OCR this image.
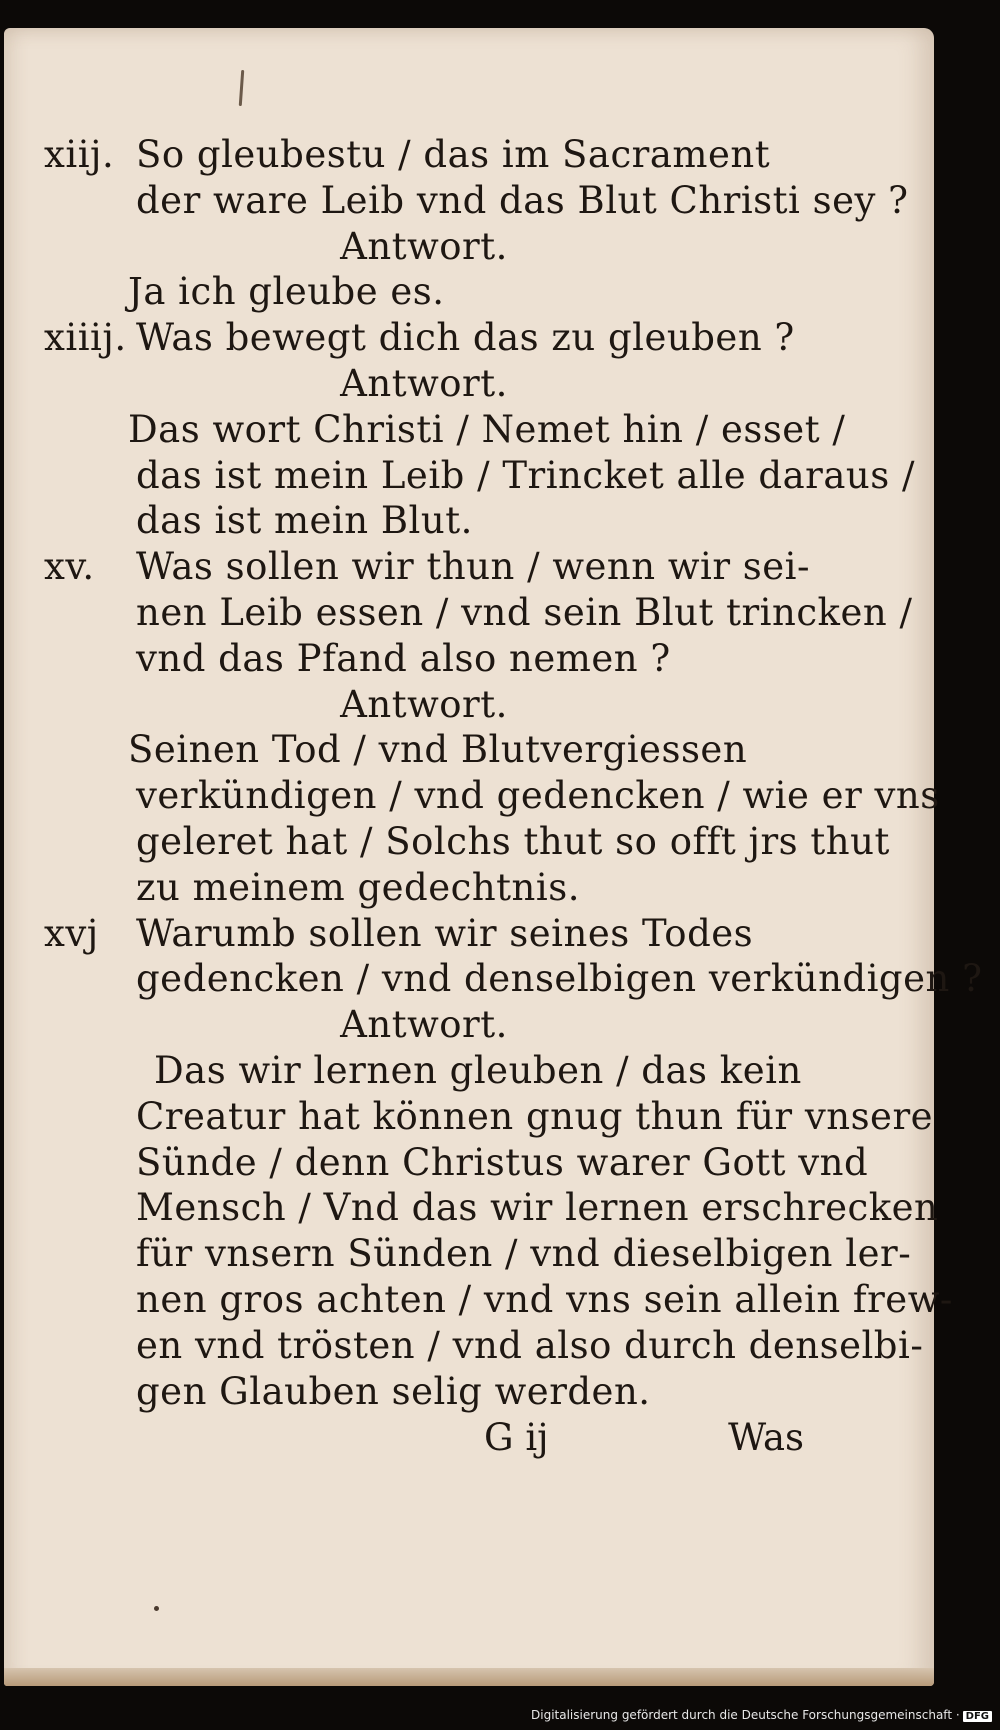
xiij. So gleubestu / das im Sacrament
der ware Leib vnd das Blut Christi sey ?
Antwort.
Ja ich gleube es.
xiiij. Was bewegt dich das zu gleuben ?
Antwort.
Das wort Christi / Nemet hin / esset /
das ist mein Leib / Trincket alle daraus /
das ist mein Blut.
xv. Was sollen wir thun / wenn wir sei-
nen Leib essen / vnd sein Blut trincken /
vnd das Pfand also nemen ?
Antwort.
Seinen Tod / vnd Blutvergiessen
verkündigen / vnd gedencken / wie er vns
geleret hat / Solchs thut so offt jrs thut
zu meinem gedechtnis.
xvj Warumb sollen wir seines Todes
gedencken / vnd denselbigen verkündigen ?
Antwort.
Das wir lernen gleuben / das kein
Creatur hat können gnug thun für vnsere
Sünde / denn Christus warer Gott vnd
Mensch / Vnd das wir lernen erschrecken
für vnsern Sünden / vnd dieselbigen ler-
nen gros achten / vnd vns sein allein frew-
en vnd trösten / vnd also durch denselbi-
gen Glauben selig werden.
G ij	Was
Digitalisierung gefördert durch die Deutsche Forschungsgemeinschaft · DFG
